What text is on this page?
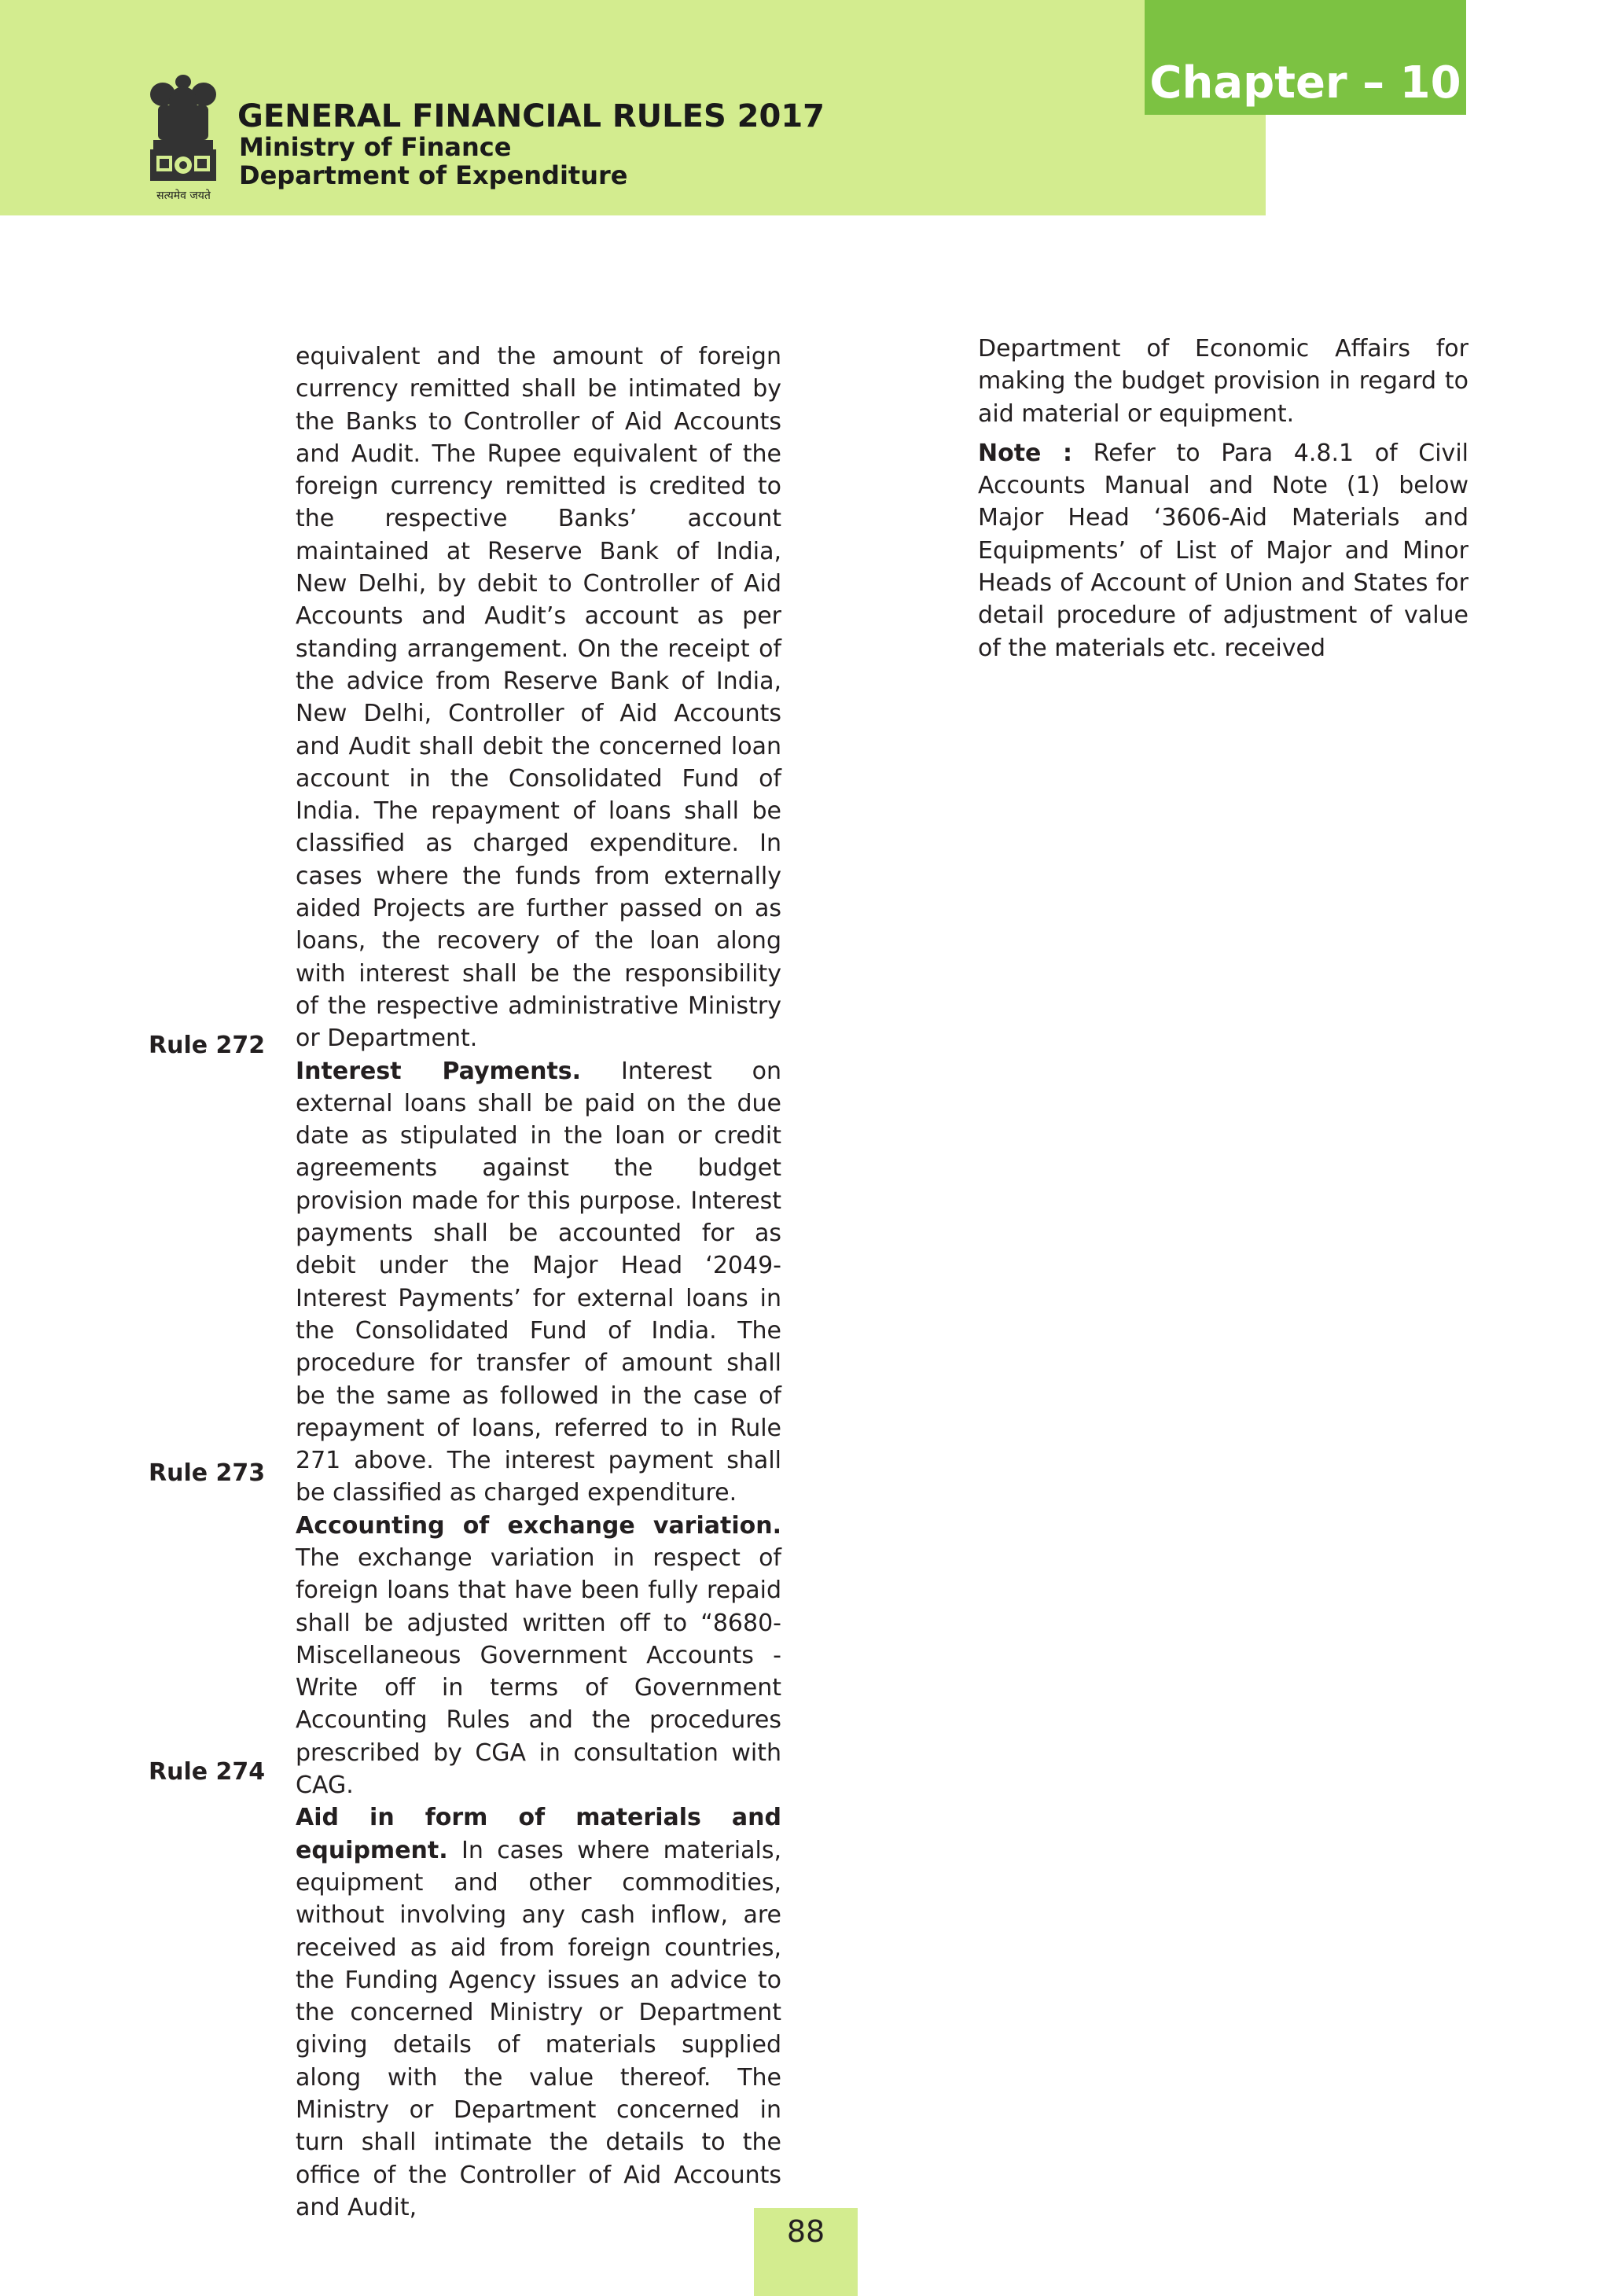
Chapter – 10
सत्यमेव जयते
GENERAL FINANCIAL RULES 2017
Ministry of Finance
Department of Expenditure
Rule 272
Rule 273
Rule 274

equivalent and the amount of foreign currency remitted shall be intimated by the Banks to Controller of Aid Accounts and Audit. The Rupee equivalent of the foreign currency remitted is credited to the respective Banks’ account maintained at Reserve Bank of India, New Delhi, by debit to Controller of Aid Accounts and Audit’s account as per standing arrangement. On the receipt of the advice from Reserve Bank of India, New Delhi, Controller of Aid Accounts and Audit shall debit the concerned loan account in the Consolidated Fund of India. The repayment of loans shall be classified as charged expenditure. In cases where the funds from externally aided Projects are further passed on as loans, the recovery of the loan along with interest shall be the responsibility of the respective administrative Ministry or Department.

Interest Payments. Interest on external loans shall be paid on the due date as stipulated in the loan or credit agreements against the budget provision made for this purpose. Interest payments shall be accounted for as debit under the Major Head ‘2049-Interest Payments’ for external loans in the Consolidated Fund of India. The procedure for transfer of amount shall be the same as followed in the case of repayment of loans, referred to in Rule 271 above. The interest payment shall be classified as charged expenditure.

Accounting of exchange variation. The exchange variation in respect of foreign loans that have been fully repaid shall be adjusted written off to “8680-Miscellaneous Government Accounts - Write off in terms of Government Accounting Rules and the procedures prescribed by CGA in consultation with CAG.

Aid in form of materials and equipment. In cases where materials, equipment and other commodities, without involving any cash inflow, are received as aid from foreign countries, the Funding Agency issues an advice to the concerned Ministry or Department giving details of materials supplied along with the value thereof. The Ministry or Department concerned in turn shall intimate the details to the office of the Controller of Aid Accounts and Audit,

Department of Economic Affairs for making the budget provision in regard to aid material or equipment.

Note : Refer to Para 4.8.1 of Civil Accounts Manual and Note (1) below Major Head ‘3606-Aid Materials and Equipments’ of List of Major and Minor Heads of Account of Union and States for detail procedure of adjustment of value of the materials etc. received

88
